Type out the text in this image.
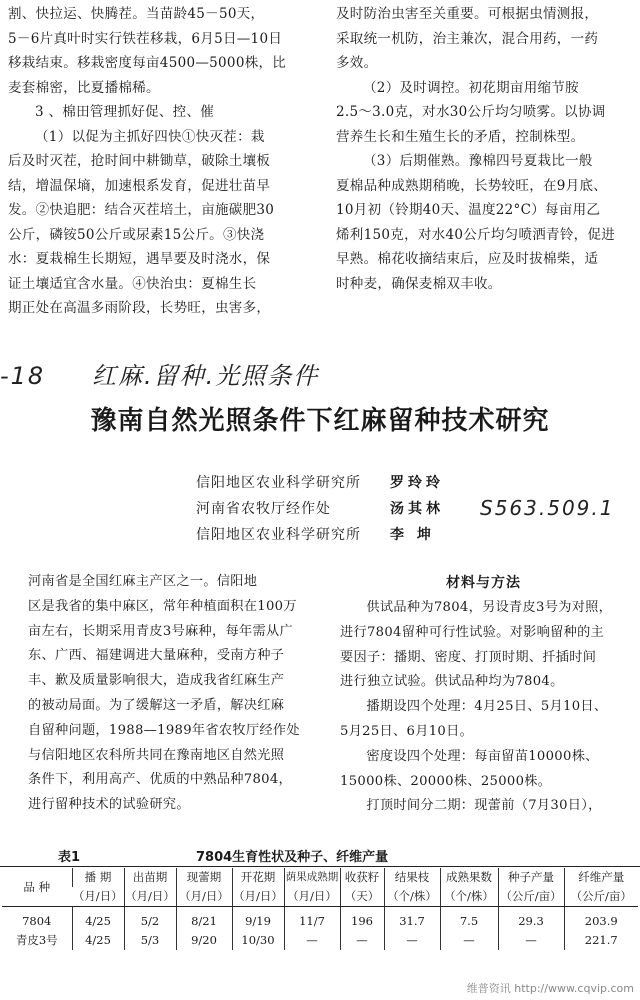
割、快拉运、快腾茬。当苗龄45－50天，

5－6片真叶时实行铁茬移栽，6月5日—10日

移栽结束。移栽密度每亩4500—5000株，比

麦套棉密，比夏播棉稀。

3 、棉田管理抓好促、控、催

（1）以促为主抓好四快①快灭茬：栽

后及时灭茬，抢时间中耕锄草，破除土壤板

结，增温保墒，加速根系发育，促进壮苗早

发。②快追肥：结合灭茬培土，亩施碳肥30

公斤，磷铵50公斤或尿素15公斤。③快浇

水：夏栽棉生长期短，遇旱要及时浇水，保

证土壤适宜含水量。④快治虫：夏棉生长

期正处在高温多雨阶段，长势旺，虫害多，

及时防治虫害至关重要。可根据虫情测报，

采取统一机防，治主兼次，混合用药，一药

多效。

（2）及时调控。初花期亩用缩节胺

2.5～3.0克，对水30公斤均匀喷雾。以协调

营养生长和生殖生长的矛盾，控制株型。

（3）后期催熟。豫棉四号夏栽比一般

夏棉品种成熟期稍晚，长势较旺，在9月底、

10月初（铃期40天、温度22°C）每亩用乙

烯利150克，对水40公斤均匀喷洒青铃，促进

早熟。棉花收摘结束后，应及时拔棉柴，适

时种麦，确保麦棉双丰收。

-18 红麻.留种.光照条件
豫南自然光照条件下红麻留种技术研究
信阳地区农业科学研究所 罗玲玲
河南省农牧厅经作处	汤其林
信阳地区农业科学研究所 李 坤
S563.509.1

河南省是全国红麻主产区之一。信阳地

区是我省的集中麻区，常年种植面积在100万

亩左右，长期采用青皮3号麻种，每年需从广

东、广西、福建调进大量麻种，受南方种子

丰、歉及质量影响很大，造成我省红麻生产

的被动局面。为了缓解这一矛盾，解决红麻

自留种问题，1988—1989年省农牧厅经作处

与信阳地区农科所共同在豫南地区自然光照

条件下，利用高产、优质的中熟品种7804，

进行留种技术的试验研究。

材料与方法

供试品种为7804，另设青皮3号为对照，

进行7804留种可行性试验。对影响留种的主

要因子：播期、密度、打顶时期、扦插时间

进行独立试验。供试品种均为7804。

播期设四个处理：4月25日、5月10日、

5月25日、6月10日。

密度设四个处理：每亩留苗10000株、

15000株、20000株、25000株。

打顶时间分二期：现蕾前（7月30日），

表1	7804生育性状及种子、纤维产量
品 种	播 期	出苗期	现蕾期	开花期	荫果成熟期	收获籽	结果枝	成熟果数	种子产量	纤维产量
	（月/日）	（月/日）	（月/日）	（月/日）	（月/日）	（天）	（个/株）	（个/株）	（公斤/亩）	（公斤/亩）
7804	4/25	5/2	8/21	9/19	11/7	196	31.7	7.5	29.3	203.9
青皮3号	4/25	5/3	9/20	10/30	—	—	—	—	—	221.7
维普资讯 http://www.cqvip.com
